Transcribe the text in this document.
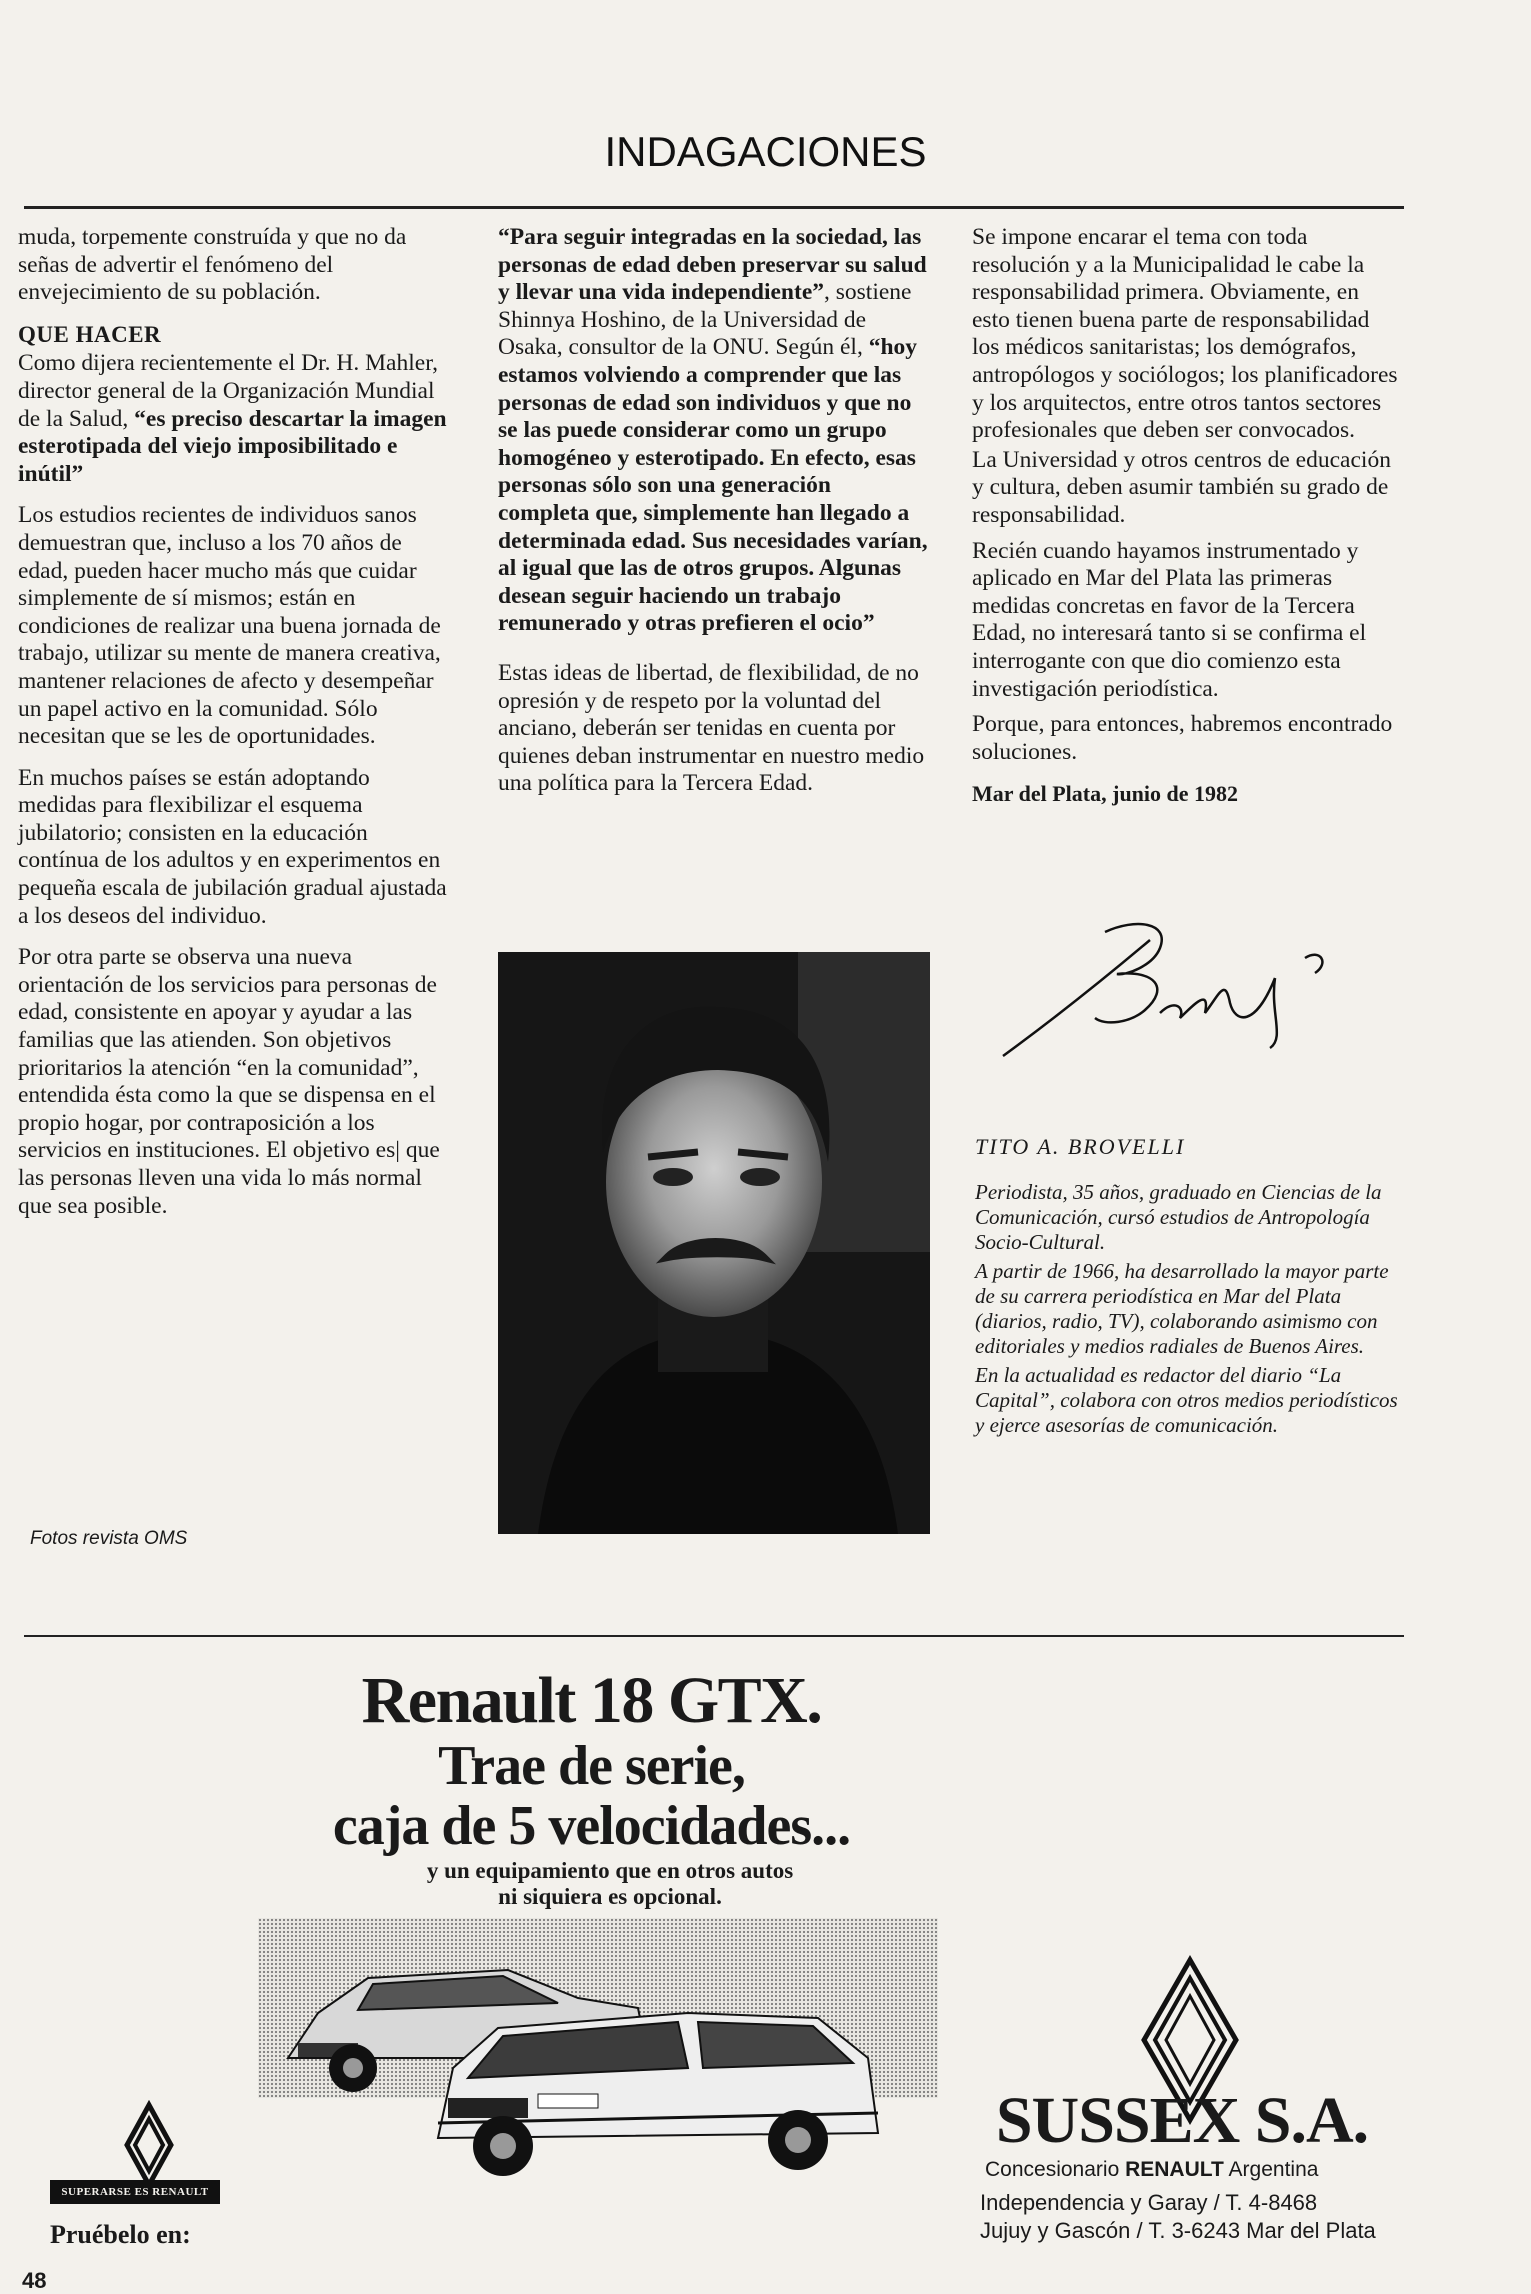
INDAGACIONES

muda, torpemente construída y que no da señas de advertir el fenómeno del envejecimiento de su población.

QUE HACER

Como dijera recientemente el Dr. H. Mahler, director general de la Organización Mundial de la Salud, “es preciso descartar la imagen esterotipada del viejo imposibilitado e inútil”

Los estudios recientes de individuos sanos demuestran que, incluso a los 70 años de edad, pueden hacer mucho más que cuidar simplemente de sí mismos; están en condiciones de realizar una buena jornada de trabajo, utilizar su mente de manera creativa, mantener relaciones de afecto y desempeñar un papel activo en la comunidad. Sólo necesitan que se les de oportunidades.

En muchos países se están adoptando medidas para flexibilizar el esquema jubilatorio; consisten en la educación contínua de los adultos y en experimentos en pequeña escala de jubilación gradual ajustada a los deseos del individuo.

Por otra parte se observa una nueva orientación de los servicios para personas de edad, consistente en apoyar y ayudar a las familias que las atienden. Son objetivos prioritarios la atención “en la comunidad”, entendida ésta como la que se dispensa en el propio hogar, por contraposición a los servicios en instituciones. El objetivo es| que las personas lleven una vida lo más normal que sea posible.

“Para seguir integradas en la sociedad, las personas de edad deben preservar su salud y llevar una vida independiente”, sostiene Shinnya Hoshino, de la Universidad de Osaka, consultor de la ONU. Según él, “hoy estamos volviendo a comprender que las personas de edad son individuos y que no se las puede considerar como un grupo homogéneo y esterotipado. En efecto, esas personas sólo son una generación completa que, simplemente han llegado a determinada edad. Sus necesidades varían, al igual que las de otros grupos. Algunas desean seguir haciendo un trabajo remunerado y otras prefieren el ocio”

Estas ideas de libertad, de flexibilidad, de no opresión y de respeto por la voluntad del anciano, deberán ser tenidas en cuenta por quienes deban instrumentar en nuestro medio una política para la Tercera Edad.

Fotos revista OMS

Se impone encarar el tema con toda resolución y a la Municipalidad le cabe la responsabilidad primera. Obviamente, en esto tienen buena parte de responsabilidad los médicos sanitaristas; los demógrafos, antropólogos y sociólogos; los planificadores y los arquitectos, entre otros tantos sectores profesionales que deben ser convocados.

La Universidad y otros centros de educación y cultura, deben asumir también su grado de responsabilidad.

Recién cuando hayamos instrumentado y aplicado en Mar del Plata las primeras medidas concretas en favor de la Tercera Edad, no interesará tanto si se confirma el interrogante con que dio comienzo esta investigación periodística.

Porque, para entonces, habremos encontrado soluciones.

Mar del Plata, junio de 1982

TITO A. BROVELLI

Periodista, 35 años, graduado en Ciencias de la Comunicación, cursó estudios de Antropología Socio-Cultural.

A partir de 1966, ha desarrollado la mayor parte de su carrera periodística en Mar del Plata (diarios, radio, TV), colaborando asimismo con editoriales y medios radiales de Buenos Aires.

En la actualidad es redactor del diario “La Capital”, colabora con otros medios periodísticos y ejerce asesorías de comunicación.

Renault 18 GTX.
Trae de serie,
caja de 5 velocidades...
y un equipamiento que en otros autos
ni siquiera es opcional.
SUPERARSE ES RENAULT
Pruébelo en:
SUSSEX S.A.
Concesionario RENAULT Argentina
Independencia y Garay / T. 4-8468
Jujuy y Gascón / T. 3-6243 Mar del Plata
48
